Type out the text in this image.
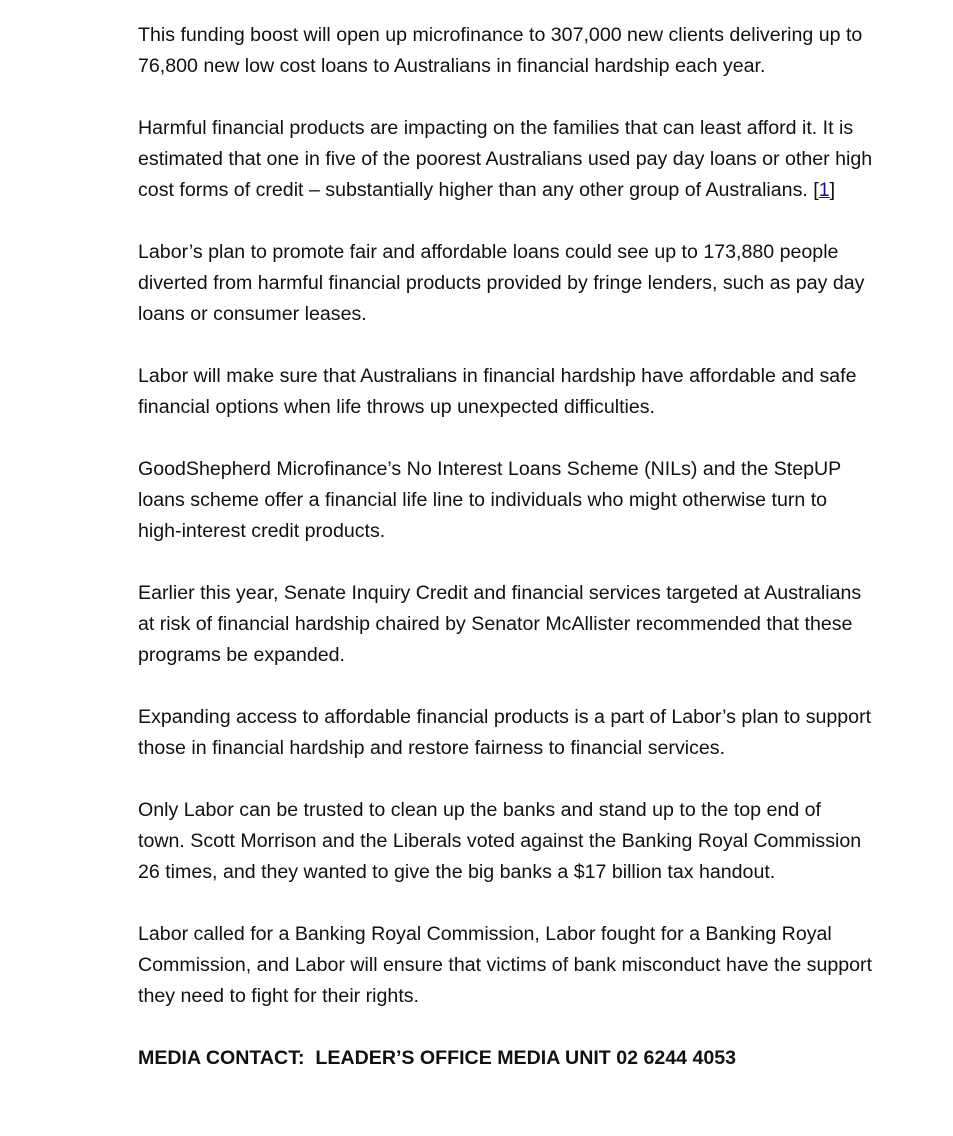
This funding boost will open up microfinance to 307,000 new clients delivering up to 76,800 new low cost loans to Australians in financial hardship each year.

Harmful financial products are impacting on the families that can least afford it. It is estimated that one in five of the poorest Australians used pay day loans or other high cost forms of credit – substantially higher than any other group of Australians. [1]

Labor’s plan to promote fair and affordable loans could see up to 173,880 people diverted from harmful financial products provided by fringe lenders, such as pay day loans or consumer leases.

Labor will make sure that Australians in financial hardship have affordable and safe financial options when life throws up unexpected difficulties.

GoodShepherd Microfinance’s No Interest Loans Scheme (NILs) and the StepUP loans scheme offer a financial life line to individuals who might otherwise turn to high-interest credit products.

Earlier this year, Senate Inquiry Credit and financial services targeted at Australians at risk of financial hardship chaired by Senator McAllister recommended that these programs be expanded.

Expanding access to affordable financial products is a part of Labor’s plan to support those in financial hardship and restore fairness to financial services.

Only Labor can be trusted to clean up the banks and stand up to the top end of town. Scott Morrison and the Liberals voted against the Banking Royal Commission 26 times, and they wanted to give the big banks a $17 billion tax handout.

Labor called for a Banking Royal Commission, Labor fought for a Banking Royal Commission, and Labor will ensure that victims of bank misconduct have the support they need to fight for their rights.

MEDIA CONTACT:  LEADER’S OFFICE MEDIA UNIT 02 6244 4053
